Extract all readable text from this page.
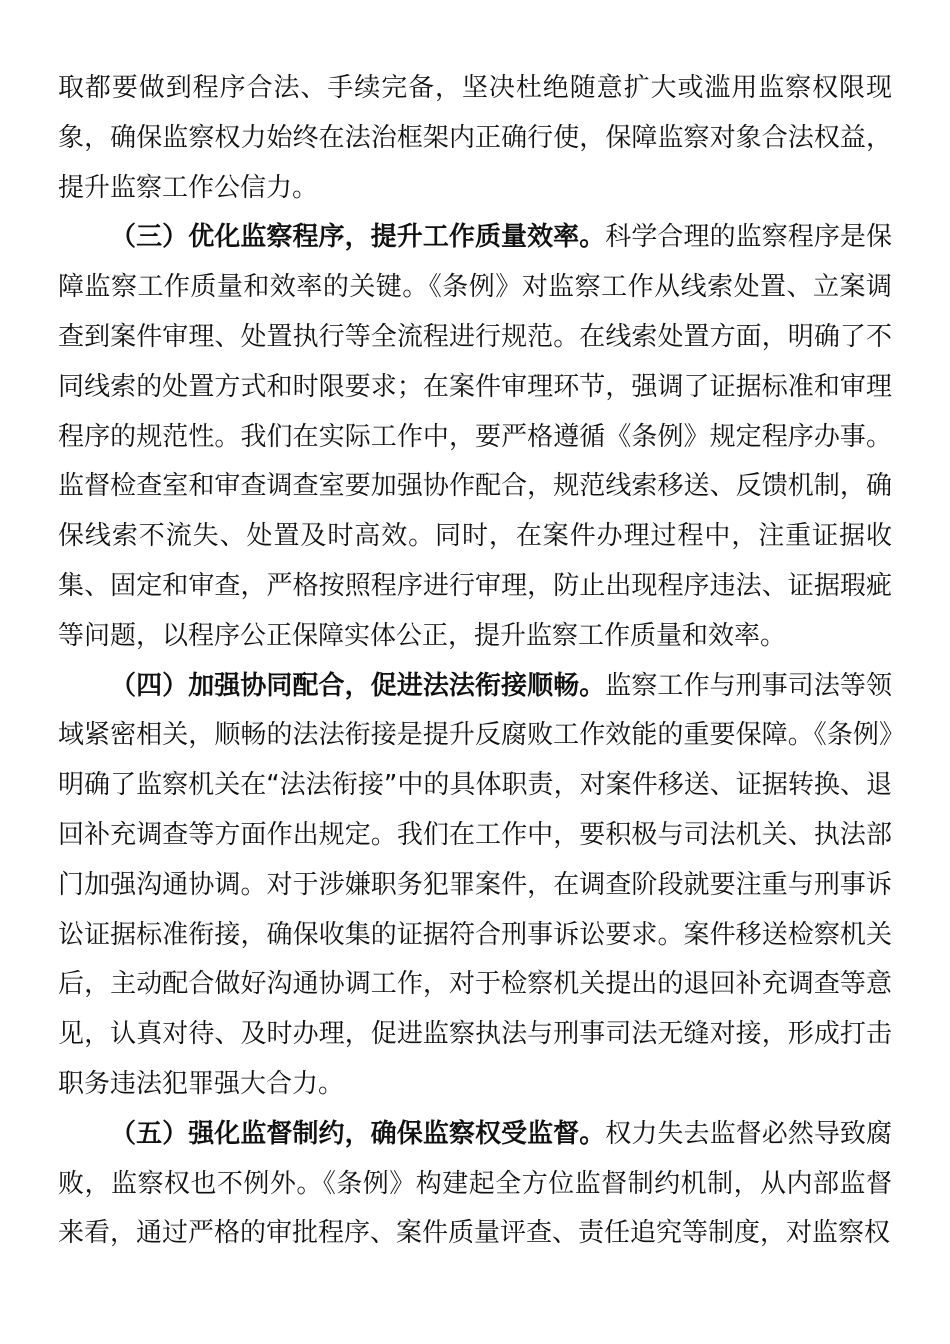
取都要做到程序合法、手续完备，坚决杜绝随意扩大或滥用监察权限现象，确保监察权力始终在法治框架内正确行使，保障监察对象合法权益，提升监察工作公信力。

（三）优化监察程序，提升工作质量效率。科学合理的监察程序是保障监察工作质量和效率的关键。《条例》对监察工作从线索处置、立案调查到案件审理、处置执行等全流程进行规范。在线索处置方面，明确了不同线索的处置方式和时限要求；在案件审理环节，强调了证据标准和审理程序的规范性。我们在实际工作中，要严格遵循《条例》规定程序办事。监督检查室和审查调查室要加强协作配合，规范线索移送、反馈机制，确保线索不流失、处置及时高效。同时，在案件办理过程中，注重证据收集、固定和审查，严格按照程序进行审理，防止出现程序违法、证据瑕疵等问题，以程序公正保障实体公正，提升监察工作质量和效率。

（四）加强协同配合，促进法法衔接顺畅。监察工作与刑事司法等领域紧密相关，顺畅的法法衔接是提升反腐败工作效能的重要保障。《条例》明确了监察机关在“法法衔接”中的具体职责，对案件移送、证据转换、退回补充调查等方面作出规定。我们在工作中，要积极与司法机关、执法部门加强沟通协调。对于涉嫌职务犯罪案件，在调查阶段就要注重与刑事诉讼证据标准衔接，确保收集的证据符合刑事诉讼要求。案件移送检察机关后，主动配合做好沟通协调工作，对于检察机关提出的退回补充调查等意见，认真对待、及时办理，促进监察执法与刑事司法无缝对接，形成打击职务违法犯罪强大合力。

（五）强化监督制约，确保监察权受监督。权力失去监督必然导致腐败，监察权也不例外。《条例》构建起全方位监督制约机制，从内部监督来看，通过严格的审批程序、案件质量评查、责任追究等制度，对监察权
